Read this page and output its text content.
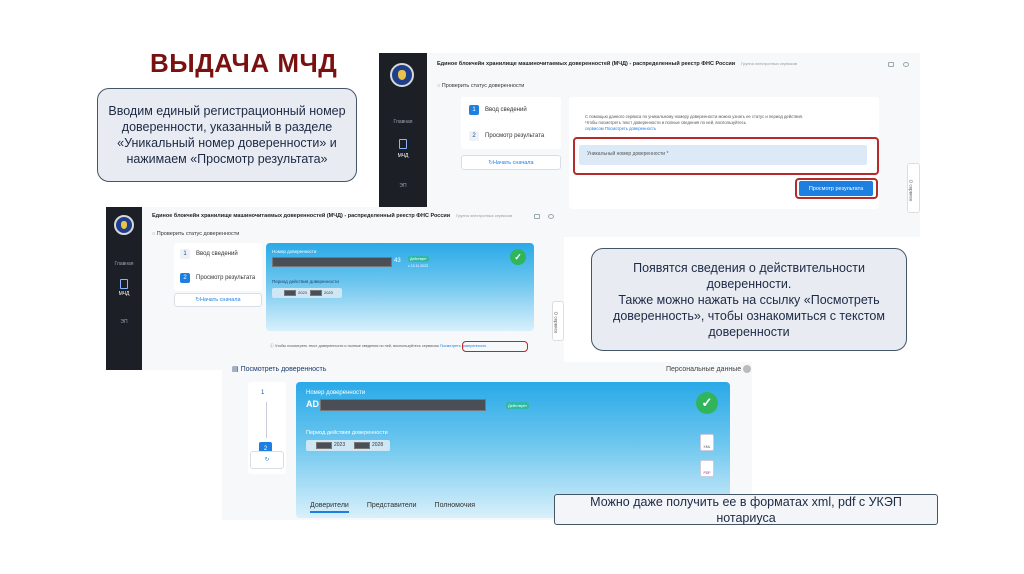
ВЫДАЧА МЧД
Вводим единый регистрационный номер
доверенности, указанный в разделе
«Уникальный номер доверенности» и
нажимаем «Просмотр результата»
Главная
МЧД
ЭП
Единое блокчейн хранилище машиночитаемых доверенностей (МЧД) - распределенный реестр ФНС России Группа электронных сервисов
◌ Проверить статус доверенности
1	Ввод сведений
2	Просмотр результата
↻ Начать сначала
С помощью данного сервиса по уникальному номеру доверенности можно узнать ее статус и период действия.
Чтобы посмотреть текст доверенности и полные сведения по ней, воспользуйтесь
сервисом Посмотреть доверенность
Уникальный номер доверенности *
Просмотр результата	О сервисе
Главная
МЧД
ЭП
Единое блокчейн хранилище машиночитаемых доверенностей (МЧД) - распределенный реестр ФНС России Группа электронных сервисов
◌ Проверить статус доверенности
1	Ввод сведений
2	Просмотр результата
↻ Начать сначала
Номер доверенности
43	Действует
с 13.11.2023
Период действия доверенности
2023	2023
✓
ⓘ Чтобы посмотреть текст доверенности и полные сведения по ней, воспользуйтесь сервисом Посмотреть доверенность
О сервисе
Появятся сведения о действительности
доверенности.
Также можно нажать на ссылку «Посмотреть
доверенность», чтобы ознакомиться с текстом
доверенности
▤ Посмотреть доверенность	Персональные данные
1
2
↻
Номер доверенности
AD	Действует
Период действия доверенности
2023	2028
✓
XML
PDF
Доверители	Представители	Полномочия	Можно даже получить ее в форматах xml, pdf с УКЭП нотариуса
